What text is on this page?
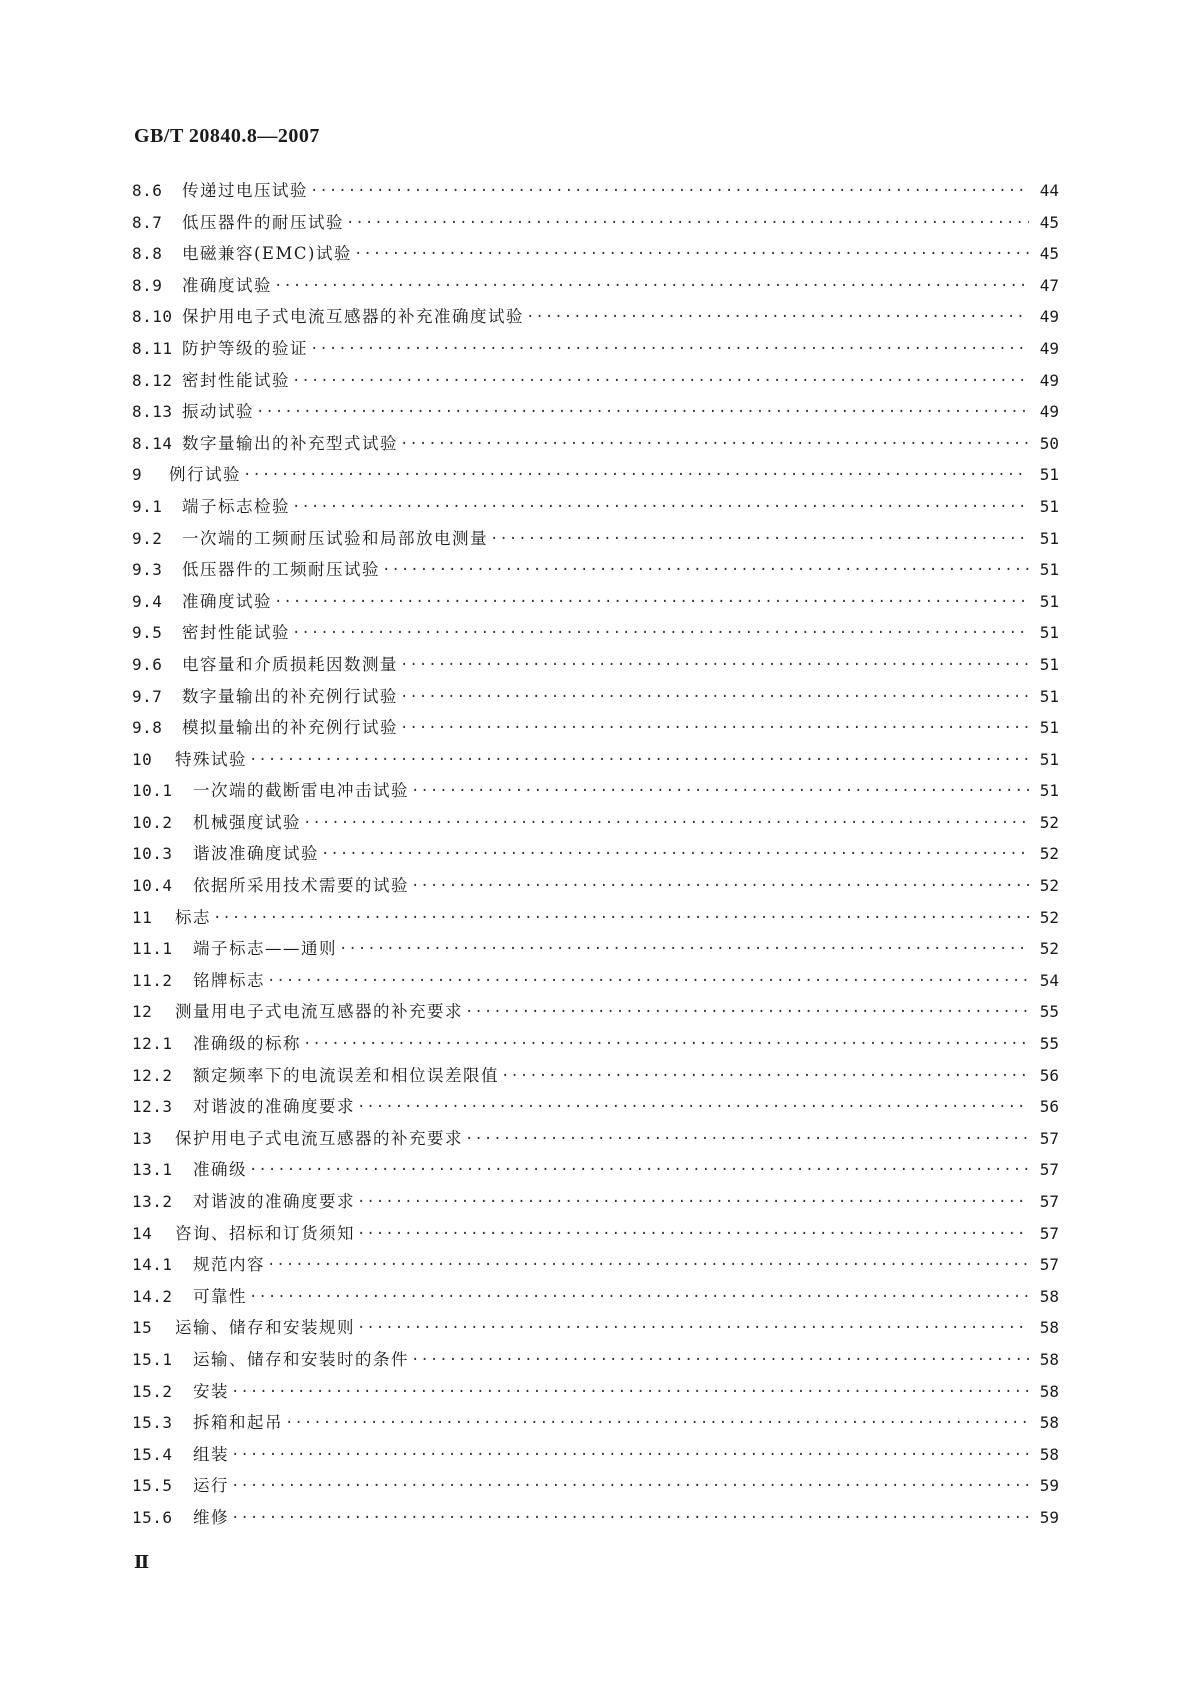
GB/T 20840.8—2007
8.6	传递过电压试验 ·····	44
8.7	低压器件的耐压试验 ·····	45
8.8	电磁兼容(EMC)试验 ·····	45
8.9	准确度试验 ·····	47
8.10 保护用电子式电流互感器的补充准确度试验 ·····	49
8.11 防护等级的验证 ·····	49
8.12 密封性能试验 ·····	49
8.13 振动试验 ·····	49
8.14 数字量输出的补充型式试验 ·····	50
9	例行试验 ·····	51
9.1	端子标志检验 ·····	51
9.2	一次端的工频耐压试验和局部放电测量 ·····	51
9.3	低压器件的工频耐压试验 ·····	51
9.4	准确度试验 ·····	51
9.5	密封性能试验 ·····	51
9.6	电容量和介质损耗因数测量 ·····	51
9.7	数字量输出的补充例行试验 ·····	51
9.8	模拟量输出的补充例行试验 ·····	51
10	特殊试验 ·····	51
10.1	一次端的截断雷电冲击试验 ·····	51
10.2	机械强度试验 ·····	52
10.3	谐波准确度试验 ·····	52
10.4	依据所采用技术需要的试验 ·····	52
11	标志 ·····	52
11.1	端子标志——通则 ·····	52
11.2	铭牌标志 ·····	54
12	测量用电子式电流互感器的补充要求 ·····	55
12.1	准确级的标称 ·····	55
12.2	额定频率下的电流误差和相位误差限值 ·····	56
12.3	对谐波的准确度要求 ·····	56
13	保护用电子式电流互感器的补充要求 ·····	57
13.1	准确级 ·····	57
13.2	对谐波的准确度要求 ·····	57
14	咨询、招标和订货须知 ·····	57
14.1	规范内容 ·····	57
14.2	可靠性 ·····	58
15	运输、储存和安装规则 ·····	58
15.1	运输、储存和安装时的条件 ·····	58
15.2	安装 ·····	58
15.3	拆箱和起吊 ·····	58
15.4	组装 ·····	58
15.5	运行 ·····	59
15.6	维修 ·····	59
Ⅱ
